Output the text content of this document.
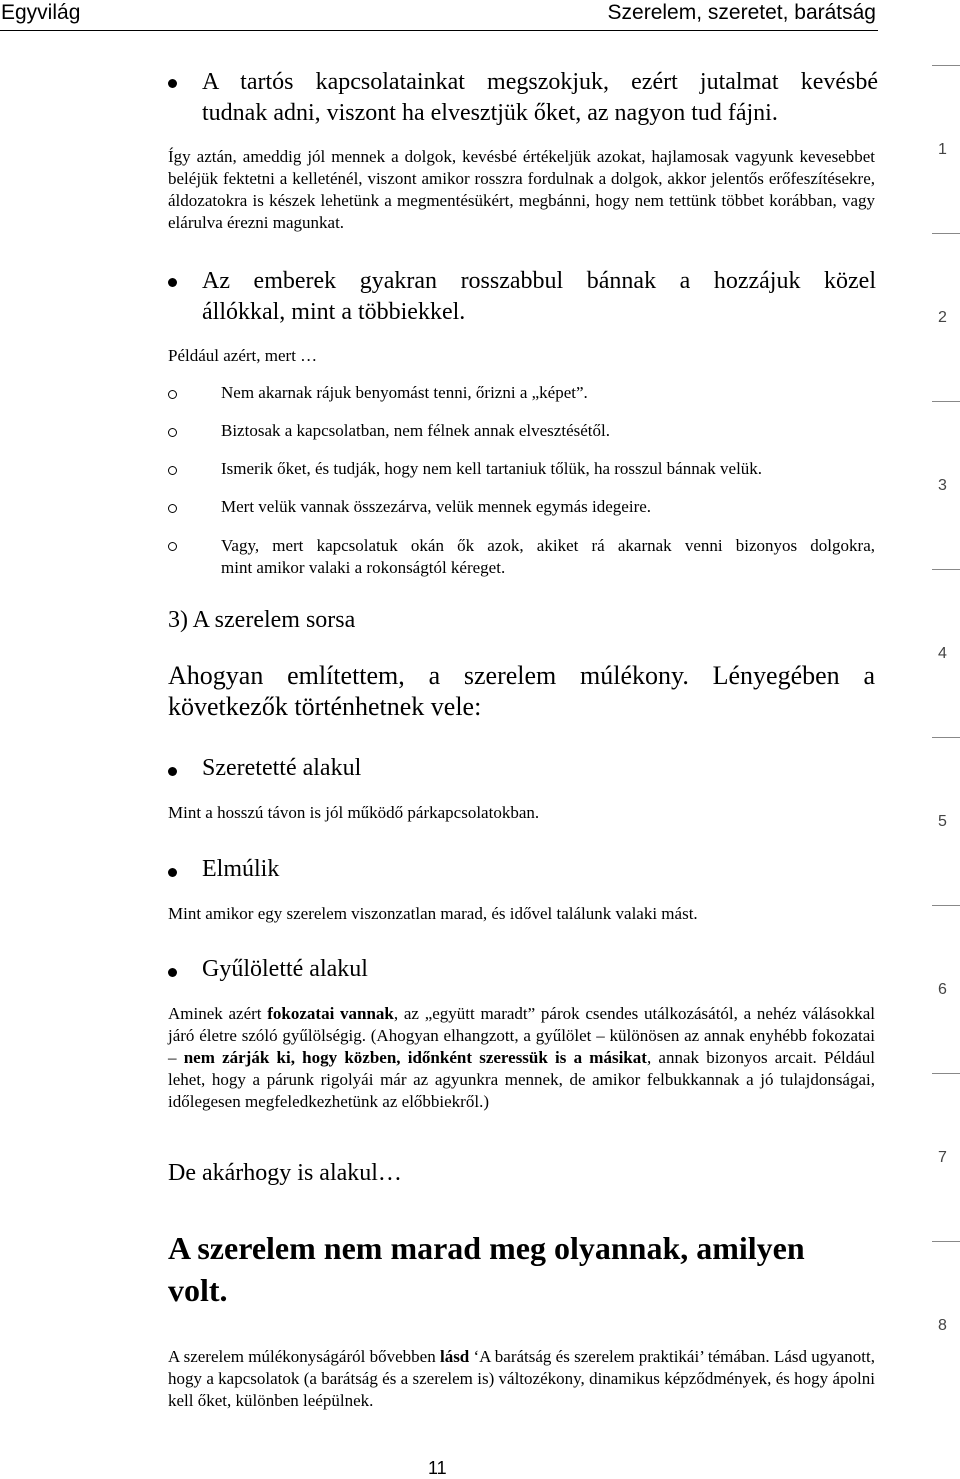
Egyvilág	Szerelem, szeretet, barátság
A tartós kapcsolatainkat megszokjuk, ezért jutalmat kevésbé
tudnak adni, viszont ha elvesztjük őket, az nagyon tud fájni.
Így aztán, ameddig jól mennek a dolgok, kevésbé értékeljük azokat, hajlamosak vagyunk kevesebbet beléjük fektetni a kelleténél, viszont amikor rosszra fordulnak a dolgok, akkor jelentős erőfeszítésekre, áldozatokra is készek lehetünk a megmentésükért, megbánni, hogy nem tettünk többet korábban, vagy elárulva érezni magunkat.
Az emberek gyakran rosszabbul bánnak a hozzájuk közel
állókkal, mint a többiekkel.
Például azért, mert …
Nem akarnak rájuk benyomást tenni, őrizni a „képet”.
Biztosak a kapcsolatban, nem félnek annak elvesztésétől.
Ismerik őket, és tudják, hogy nem kell tartaniuk tőlük, ha rosszul bánnak velük.
Mert velük vannak összezárva, velük mennek egymás idegeire.
Vagy, mert kapcsolatuk okán ők azok, akiket rá akarnak venni bizonyos dolgokra,
mint amikor valaki a rokonságtól kéreget.
3) A szerelem sorsa
Ahogyan említettem, a szerelem múlékony. Lényegében a
következők történhetnek vele:
Szeretetté alakul
Mint a hosszú távon is jól működő párkapcsolatokban.
Elmúlik
Mint amikor egy szerelem viszonzatlan marad, és idővel találunk valaki mást.
Gyűlöletté alakul
Aminek azért fokozatai vannak, az „együtt maradt” párok csendes utálkozásától, a nehéz válásokkal járó életre szóló gyűlölségig. (Ahogyan elhangzott, a gyűlölet – különösen az annak enyhébb fokozatai – nem zárják ki, hogy közben, időnként szeressük is a másikat, annak bizonyos arcait. Például lehet, hogy a párunk rigolyái már az agyunkra mennek, de amikor felbukkannak a jó tulajdonságai, időlegesen megfeledkezhetünk az előbbiekről.)
De akárhogy is alakul…
A szerelem nem marad meg olyannak, amilyen
volt.
A szerelem múlékonyságáról bővebben lásd ‘A barátság és szerelem praktikái’ témában. Lásd ugyanott, hogy a kapcsolatok (a barátság és a szerelem is) változékony, dinamikus képződmények, és hogy ápolni kell őket, különben leépülnek.
1
2
3
4
5
6
7
8
11
